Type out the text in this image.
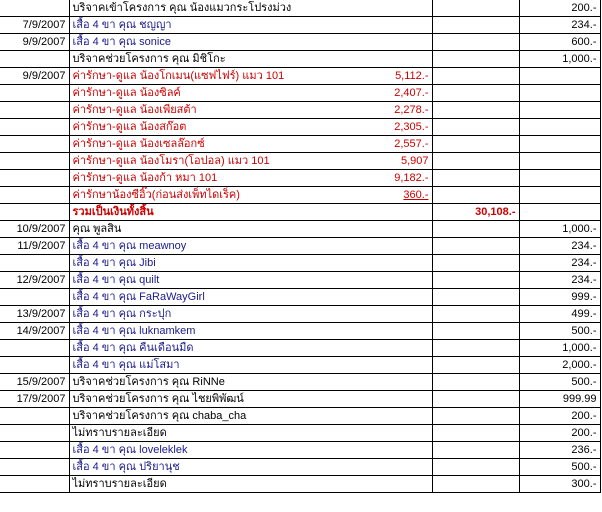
	บริจาคเข้าโครงการ คุณ น้องแมวกระโปรงม่วง			200.-
7/9/2007	เสื้อ 4 ขา คุณ ชญญา			234.-
9/9/2007	เสื้อ 4 ขา คุณ sonice			600.-
	บริจาคช่วยโครงการ คุณ มิชิโกะ			1,000.-
9/9/2007	ค่ารักษา-ดูแล น้องโกเมน(แซฟไฟร์) แมว 101	5,112.-		
	ค่ารักษา-ดูแล น้องซิลค์	2,407.-		
	ค่ารักษา-ดูแล น้องเพียสต้า	2,278.-		
	ค่ารักษา-ดูแล น้องสก๊อต	2,305.-		
	ค่ารักษา-ดูแล น้องเซลล๊อกซ์	2,557.-		
	ค่ารักษา-ดูแล น้องโมรา(โอปอล) แมว 101	5,907		
	ค่ารักษา-ดูแล น้องก้า หมา 101	9,182.-		
	ค่ารักษาน้องซีอิ๊ว(ก่อนส่งเพ็ทไดเร็ค)	360.-		
	รวมเป็นเงินทั้งสิ้น		30,108.-	
10/9/2007	คุณ พูลสิน			1,000.-
11/9/2007	เสื้อ 4 ขา คุณ meawnoy			234.-
	เสื้อ 4 ขา คุณ Jibi			234.-
12/9/2007	เสื้อ 4 ขา คุณ quilt			234.-
	เสื้อ 4 ขา คุณ FaRaWayGirl			999.-
13/9/2007	เสื้อ 4 ขา คุณ กระปุก			499.-
14/9/2007	เสื้อ 4 ขา คุณ luknamkem			500.-
	เสื้อ 4 ขา คุณ คืนเดือนมืด			1,000.-
	เสื้อ 4 ขา คุณ แม่โสมา			2,000.-
15/9/2007	บริจาคช่วยโครงการ คุณ RiNNe			500.-
17/9/2007	บริจาคช่วยโครงการ คุณ ไชยพิพัฒน์			999.99
	บริจาคช่วยโครงการ คุณ chaba_cha			200.-
	ไม่ทราบรายละเอียด			200.-
	เสื้อ 4 ขา คุณ loveleklek			236.-
	เสื้อ 4 ขา คุณ ปริยานุช			500.-
	ไม่ทราบรายละเอียด			300.-
